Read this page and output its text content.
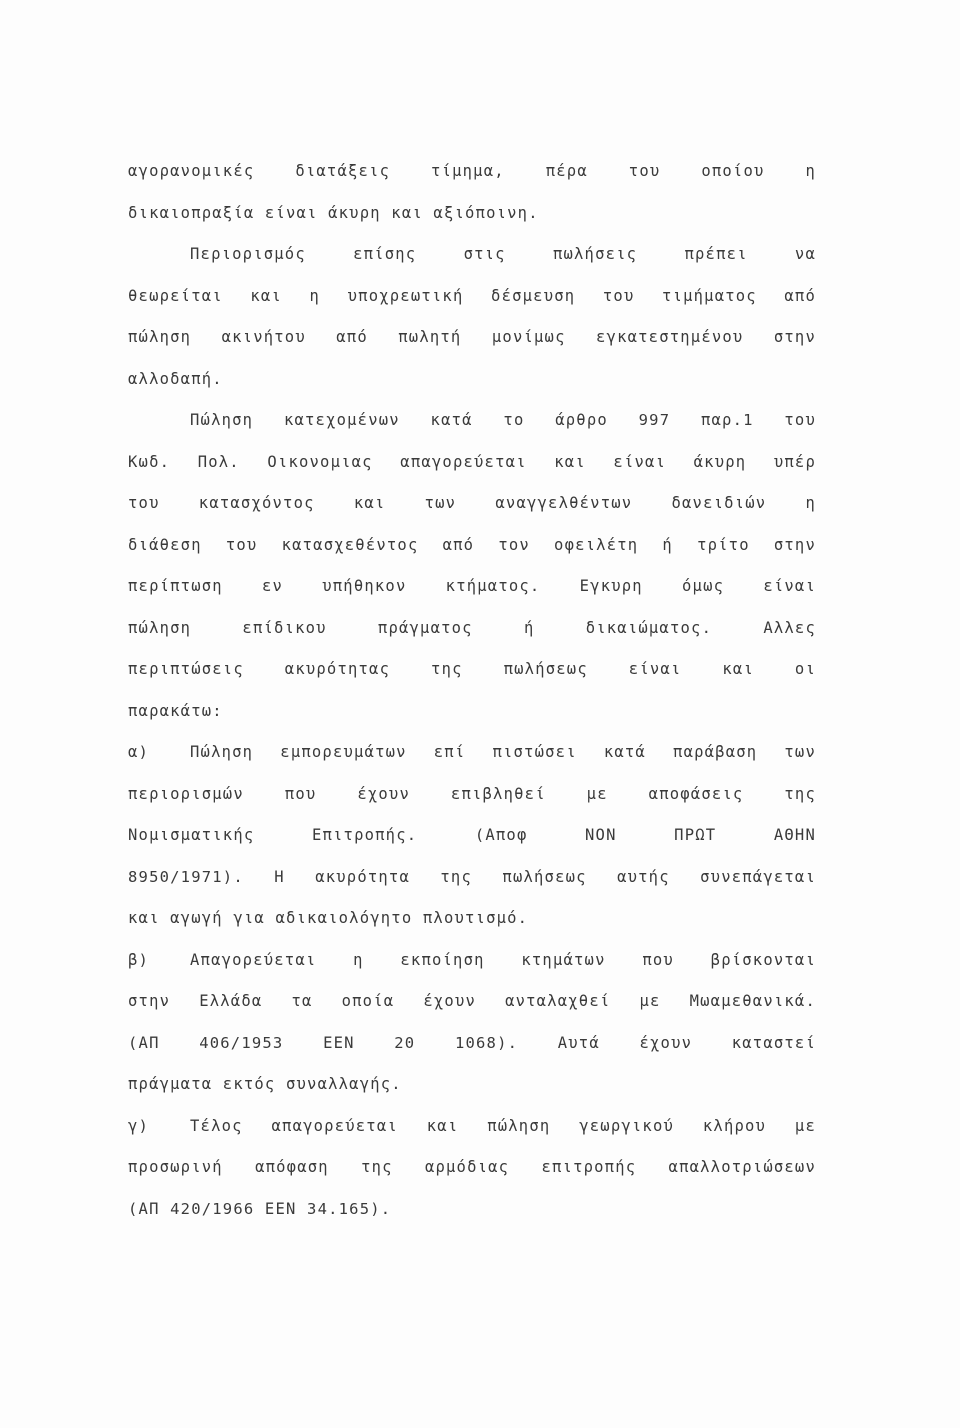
αγορανομικές διατάξεις τίμημα, πέρα του οποίου η
δικαιοπραξία είναι άκυρη και αξιόποινη.
Περιορισμός επίσης στις πωλήσεις πρέπει να
θεωρείται και η υποχρεωτική δέσμευση του τιμήματος από
πώληση ακινήτου από πωλητή μονίμως εγκατεστημένου στην
αλλοδαπή.
Πώληση κατεχομένων κατά το άρθρο 997 παρ.1 του
Κωδ. Πολ. Οικονομιας απαγορεύεται και είναι άκυρη υπέρ
του κατασχόντος και των αναγγελθέντων δανειδιών η
διάθεση του κατασχεθέντος από τον οφειλέτη ή τρίτο στην
περίπτωση εν υπήθηκον κτήματος. Εγκυρη όμως είναι
πώληση επίδικου πράγματος ή δικαιώματος. Αλλες
περιπτώσεις ακυρότητας της πωλήσεως είναι και οι
παρακάτω:
α)	Πώληση εμπορευμάτων επί πιστώσει κατά παράβαση των
περιορισμών που έχουν επιβληθεί με αποφάσεις της
Νομισματικής Επιτροπής. (Αποφ ΝΟΝ ΠΡΩΤ ΑΘΗΝ
8950/1971). Η ακυρότητα της πωλήσεως αυτής συνεπάγεται
και αγωγή για αδικαιολόγητο πλουτισμό.
β)	Απαγορεύεται η εκποίηση κτημάτων που βρίσκονται
στην Ελλάδα τα οποία έχουν ανταλαχθεί με Μωαμεθανικά.
(ΑΠ 406/1953 ΕΕΝ 20 1068). Αυτά έχουν καταστεί
πράγματα εκτός συναλλαγής.
γ)	Τέλος απαγορεύεται και πώληση γεωργικού κλήρου με
προσωρινή απόφαση της αρμόδιας επιτροπής απαλλοτριώσεων
(ΑΠ 420/1966 ΕΕΝ 34.165).
